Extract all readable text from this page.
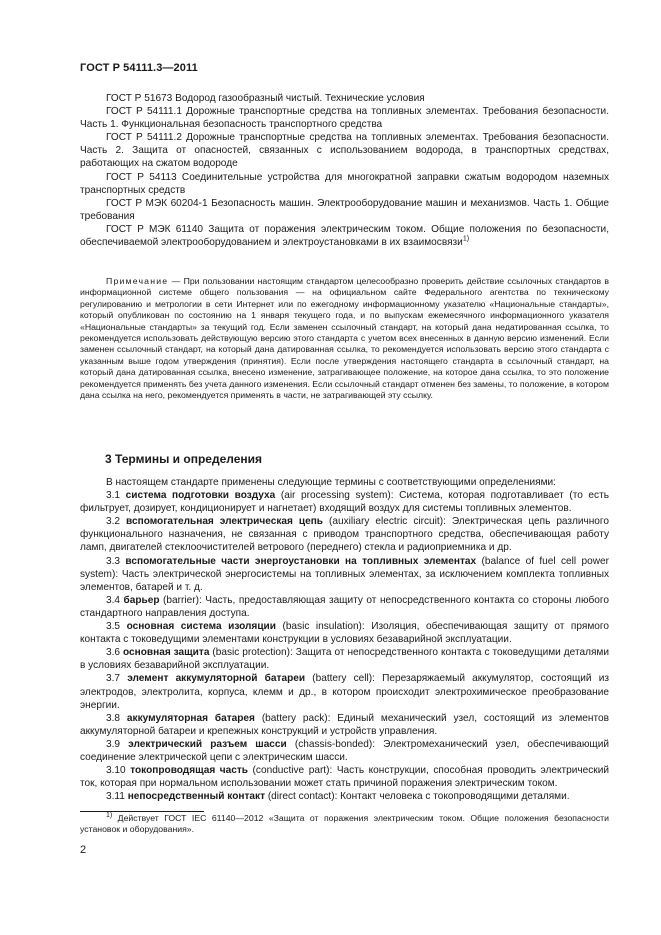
ГОСТ Р 54111.3—2011

ГОСТ Р 51673 Водород газообразный чистый. Технические условия

ГОСТ Р 54111.1 Дорожные транспортные средства на топливных элементах. Требования безопасности. Часть 1. Функциональная безопасность транспортного средства

ГОСТ Р 54111.2 Дорожные транспортные средства на топливных элементах. Требования безопасности. Часть 2. Защита от опасностей, связанных с использованием водорода, в транспортных средствах, работающих на сжатом водороде

ГОСТ Р 54113 Соединительные устройства для многократной заправки сжатым водородом наземных транспортных средств

ГОСТ Р МЭК 60204-1 Безопасность машин. Электрооборудование машин и механизмов. Часть 1. Общие требования

ГОСТ Р МЭК 61140 Защита от поражения электрическим током. Общие положения по безопасности, обеспечиваемой электрооборудованием и электроустановками в их взаимосвязи$^{1)}$

Примечание — При пользовании настоящим стандартом целесообразно проверить действие ссылочных стандартов в информационной системе общего пользования — на официальном сайте Федерального агентства по техническому регулированию и метрологии в сети Интернет или по ежегодному информационному указателю «Национальные стандарты», который опубликован по состоянию на 1 января текущего года, и по выпускам ежемесячного информационного указателя «Национальные стандарты» за текущий год. Если заменен ссылочный стандарт, на который дана недатированная ссылка, то рекомендуется использовать действующую версию этого стандарта с учетом всех внесенных в данную версию изменений. Если заменен ссылочный стандарт, на который дана датированная ссылка, то рекомендуется использовать версию этого стандарта с указанным выше годом утверждения (принятия). Если после утверждения настоящего стандарта в ссылочный стандарт, на который дана датированная ссылка, внесено изменение, затрагивающее положение, на которое дана ссылка, то это положение рекомендуется применять без учета данного изменения. Если ссылочный стандарт отменен без замены, то положение, в котором дана ссылка на него, рекомендуется применять в части, не затрагивающей эту ссылку.

3 Термины и определения

В настоящем стандарте применены следующие термины с соответствующими определениями:

3.1 система подготовки воздуха (air processing system): Система, которая подготавливает (то есть фильтрует, дозирует, кондиционирует и нагнетает) входящий воздух для системы топливных элементов.

3.2 вспомогательная электрическая цепь (auxiliary electric circuit): Электрическая цепь различного функционального назначения, не связанная с приводом транспортного средства, обеспечивающая работу ламп, двигателей стеклоочистителей ветрового (переднего) стекла и радиоприемника и др.

3.3 вспомогательные части энергоустановки на топливных элементах (balance of fuel cell power system): Часть электрической энергосистемы на топливных элементах, за исключением комплекта топливных элементов, батарей и т. д.

3.4 барьер (barrier): Часть, предоставляющая защиту от непосредственного контакта со стороны любого стандартного направления доступа.

3.5 основная система изоляции (basic insulation): Изоляция, обеспечивающая защиту от прямого контакта с токоведущими элементами конструкции в условиях безаварийной эксплуатации.

3.6 основная защита (basic protection): Защита от непосредственного контакта с токоведущими деталями в условиях безаварийной эксплуатации.

3.7 элемент аккумуляторной батареи (battery cell): Перезаряжаемый аккумулятор, состоящий из электродов, электролита, корпуса, клемм и др., в котором происходит электрохимическое преобразование энергии.

3.8 аккумуляторная батарея (battery pack): Единый механический узел, состоящий из элементов аккумуляторной батареи и крепежных конструкций и устройств управления.

3.9 электрический разъем шасси (chassis-bonded): Электромеханический узел, обеспечивающий соединение электрической цепи с электрическим шасси.

3.10 токопроводящая часть (conductive part): Часть конструкции, способная проводить электрический ток, которая при нормальном использовании может стать причиной поражения электрическим током.

3.11 непосредственный контакт (direct contact): Контакт человека с токопроводящими деталями.

$^{1)}$ Действует ГОСТ IEC 61140—2012 «Защита от поражения электрическим током. Общие положения безопасности установок и оборудования».

2
